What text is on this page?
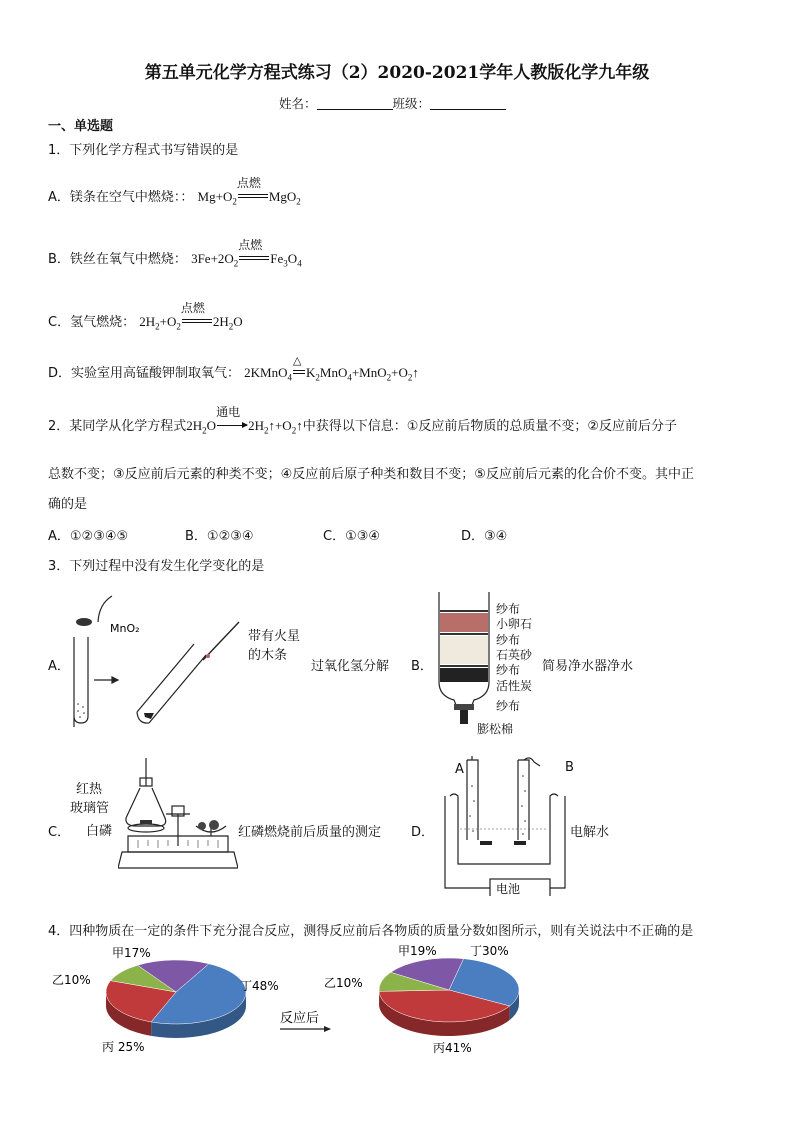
第五单元化学方程式练习（2）2020-2021学年人教版化学九年级
姓名：	班级：
一、单选题
1．下列化学方程式书写错误的是
A．镁条在空气中燃烧：： $Mg+O_2$
点燃
MgO$_2$
B．铁丝在氧气中燃烧： $3Fe+2O_2$
点燃
$Fe_3O_4$
C．氢气燃烧： $2H_2+O_2$
点燃
$2H_2O$
D．实验室用高锰酸钾制取氧气： 2KMnO$_4$
△
$K_2MnO_4+MnO_2+O_2↑$
2．某同学从化学方程式$2H_2O$
通电
$2H_2↑+O_2↑$中获得以下信息：①反应前后物质的总质量不变；②反应前后分子
总数不变；③反应前后元素的种类不变；④反应前后原子种类和数目不变；⑤反应前后元素的化合价不变。其中正
确的是
A．①②③④⑤	B．①②③④	C．①③④	D．③④
3．下列过程中没有发生化学变化的是
A．
MnO₂
带有火星
的木条
过氧化氢分解 B．
纱布
小卵石
纱布
石英砂
纱布
活性炭
纱布
膨松棉
简易净水器净水
C．
红热
玻璃管
白磷	红磷燃烧前后质量的测定 D．
A	B
电池
电解水
4．四种物质在一定的条件下充分混合反应，测得反应前后各物质的质量分数如图所示，则有关说法中不正确的是
反应后
甲17%
乙10%
丙 25%
丁48%
甲19%
乙10%
丙41%
丁30%
